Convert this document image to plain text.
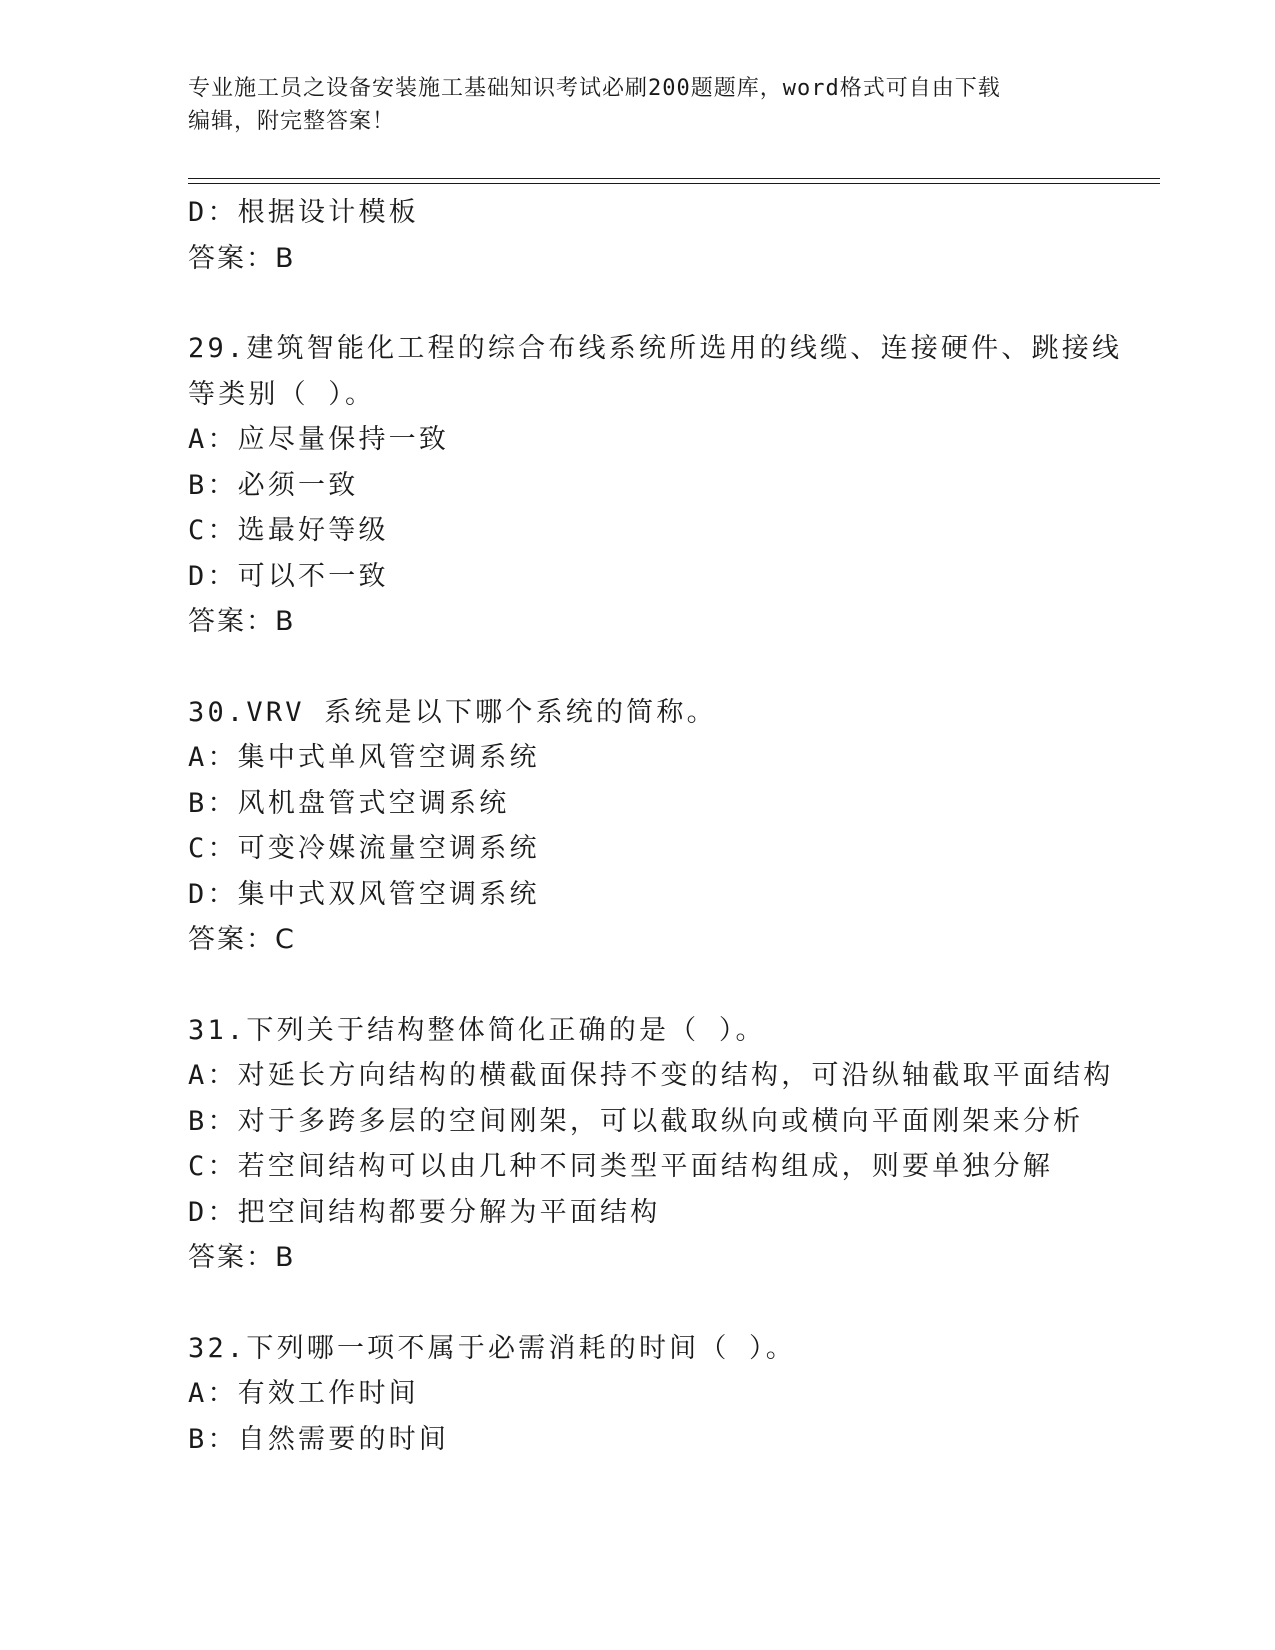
专业施工员之设备安装施工基础知识考试必刷200题题库，word格式可自由下载
编辑，附完整答案！
D：根据设计模板
答案：B
29.建筑智能化工程的综合布线系统所选用的线缆、连接硬件、跳接线
等类别（ ）。
A：应尽量保持一致
B：必须一致
C：选最好等级
D：可以不一致
答案：B
30.VRV 系统是以下哪个系统的简称。
A：集中式单风管空调系统
B：风机盘管式空调系统
C：可变冷媒流量空调系统
D：集中式双风管空调系统
答案：C
31.下列关于结构整体简化正确的是（ ）。
A：对延长方向结构的横截面保持不变的结构，可沿纵轴截取平面结构
B：对于多跨多层的空间刚架，可以截取纵向或横向平面刚架来分析
C：若空间结构可以由几种不同类型平面结构组成，则要单独分解
D：把空间结构都要分解为平面结构
答案：B
32.下列哪一项不属于必需消耗的时间（ ）。
A：有效工作时间
B：自然需要的时间
